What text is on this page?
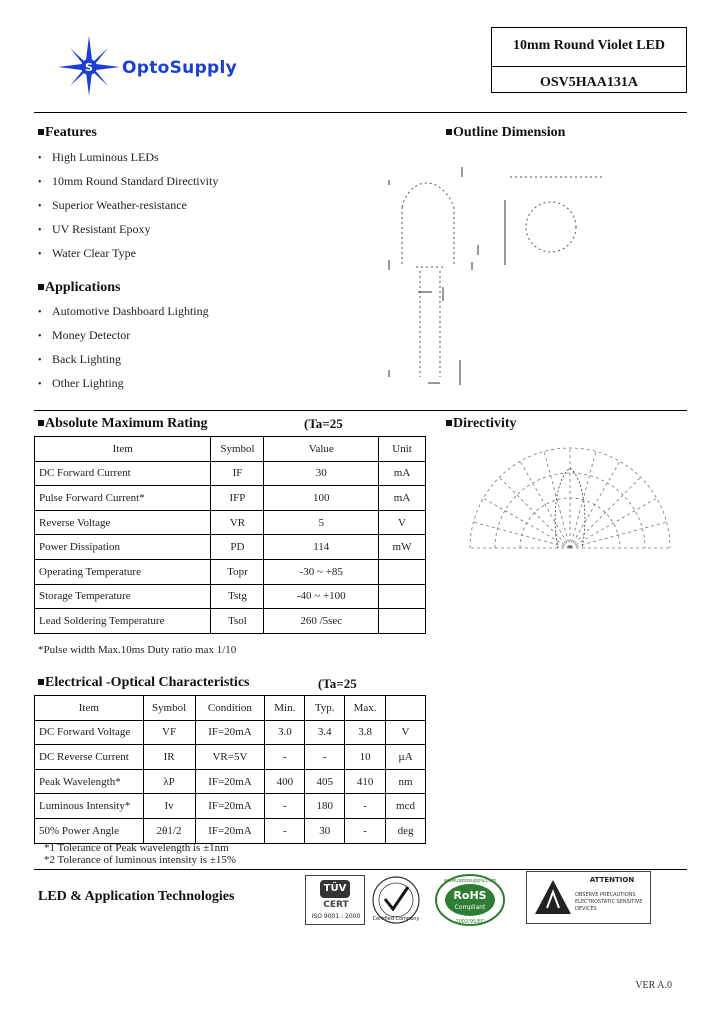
S OptoSupply
10mm Round Violet LED
OSV5HAA131A
Features
• High Luminous LEDs
• 10mm Round Standard Directivity
• Superior Weather-resistance
• UV Resistant Epoxy
• Water Clear Type
Applications
• Automotive Dashboard Lighting
• Money Detector
• Back Lighting
• Other Lighting
Outline Dimension
Absolute Maximum Rating	(Ta=25
Item	Symbol	Value	Unit
DC Forward Current	IF	30	mA
Pulse Forward Current*	IFP	100	mA
Reverse Voltage	VR	5	V
Power Dissipation	PD	114	mW
Operating Temperature	Topr	-30 ~ +85	
Storage Temperature	Tstg	-40 ~ +100	
Lead Soldering Temperature	Tsol	260 /5sec	
*Pulse width Max.10ms Duty ratio max 1/10
Directivity
Electrical -Optical Characteristics	(Ta=25
Item	Symbol	Condition	Min.	Typ.	Max.	
DC Forward Voltage	VF	IF=20mA	3.0	3.4	3.8	V
DC Reverse Current	IR	VR=5V	-	-	10	µA
Peak Wavelength*	λP	IF=20mA	400	405	410	nm
Luminous Intensity*	Iv	IF=20mA	-	180	-	mcd
50% Power Angle	2θ1/2	IF=20mA	-	30	-	deg
*1 Tolerance of Peak wavelength is ±1nm
*2 Tolerance of luminous intensity is ±15%
LED & Application Technologies
TÜV
CERT
ISO 9001 : 2000	Certified Company
RoHS
Compliant
www.optosupply.com
2002/95/EC
ATTENTION
OBSERVE PRECAUTIONS ELECTROSTATIC SENSITIVE DEVICES
VER A.0
